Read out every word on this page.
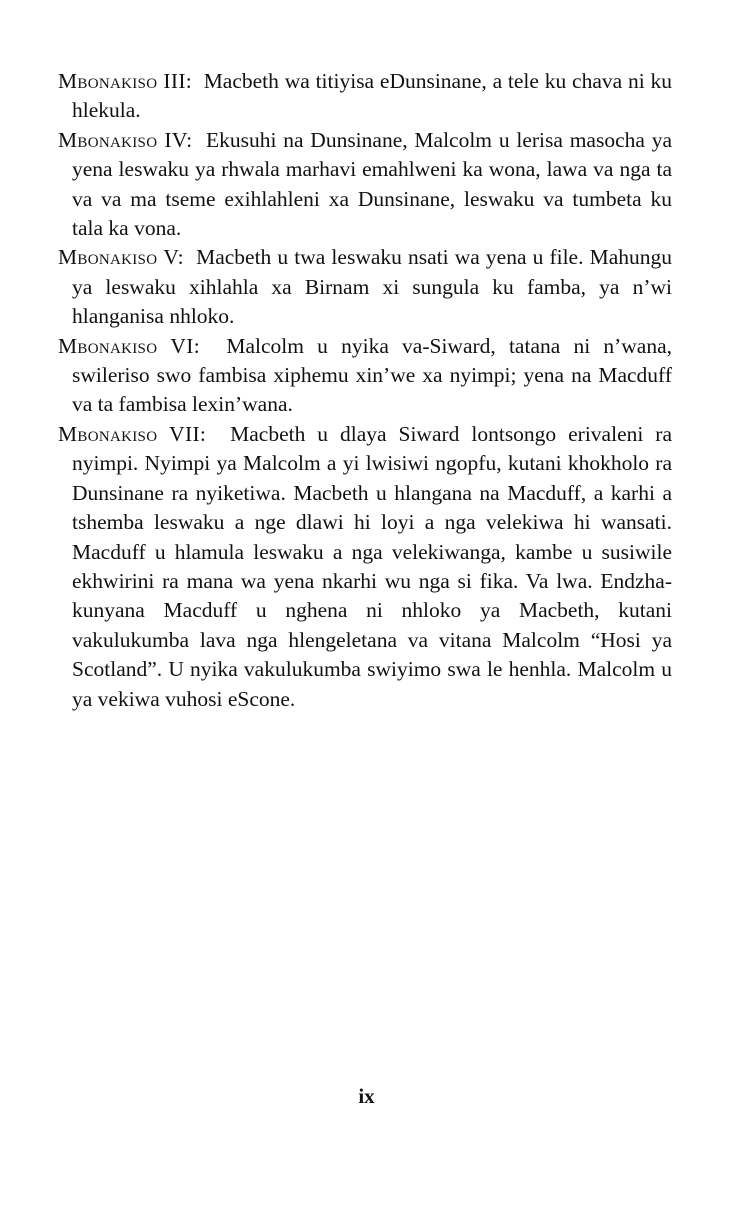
Mbonakiso III: Macbeth wa titiyisa eDunsinane, a tele ku chava ni ku hlekula.

Mbonakiso IV: Ekusuhi na Dunsinane, Malcolm u lerisa masocha ya yena leswaku ya rhwala marhavi emahlweni ka wona, lawa va nga ta va va ma tseme exihlahleni xa Dunsinane, leswaku va tumbeta ku tala ka vona.

Mbonakiso V: Macbeth u twa leswaku nsati wa yena u file. Mahungu ya leswaku xihlahla xa Birnam xi sungula ku famba, ya n’wi hlanganisa nhloko.

Mbonakiso VI: Malcolm u nyika va-Siward, tatana ni n’wana, swileriso swo fambisa xiphemu xin’we xa nyimpi; yena na Macduff va ta fambisa lexin’wana.

Mbonakiso VII: Macbeth u dlaya Siward lontsongo erivaleni ra nyimpi. Nyimpi ya Malcolm a yi lwisiwi ngopfu, kutani khokholo ra Dunsinane ra nyiketiwa. Macbeth u hlangana na Macduff, a karhi a tshemba leswaku a nge dlawi hi loyi a nga velekiwa hi wansati. Macduff u hlamula leswaku a nga velekiwanga, kambe u susiwile ekhwirini ra mana wa yena nkarhi wu nga si fika. Va lwa. Endzhakunyana Macduff u nghena ni nhloko ya Macbeth, kutani vakulukumba lava nga hlengeletana va vitana Malcolm “Hosi ya Scotland”. U nyika vakulukumba swiyimo swa le henhla. Malcolm u ya vekiwa vuhosi eScone.

ix
